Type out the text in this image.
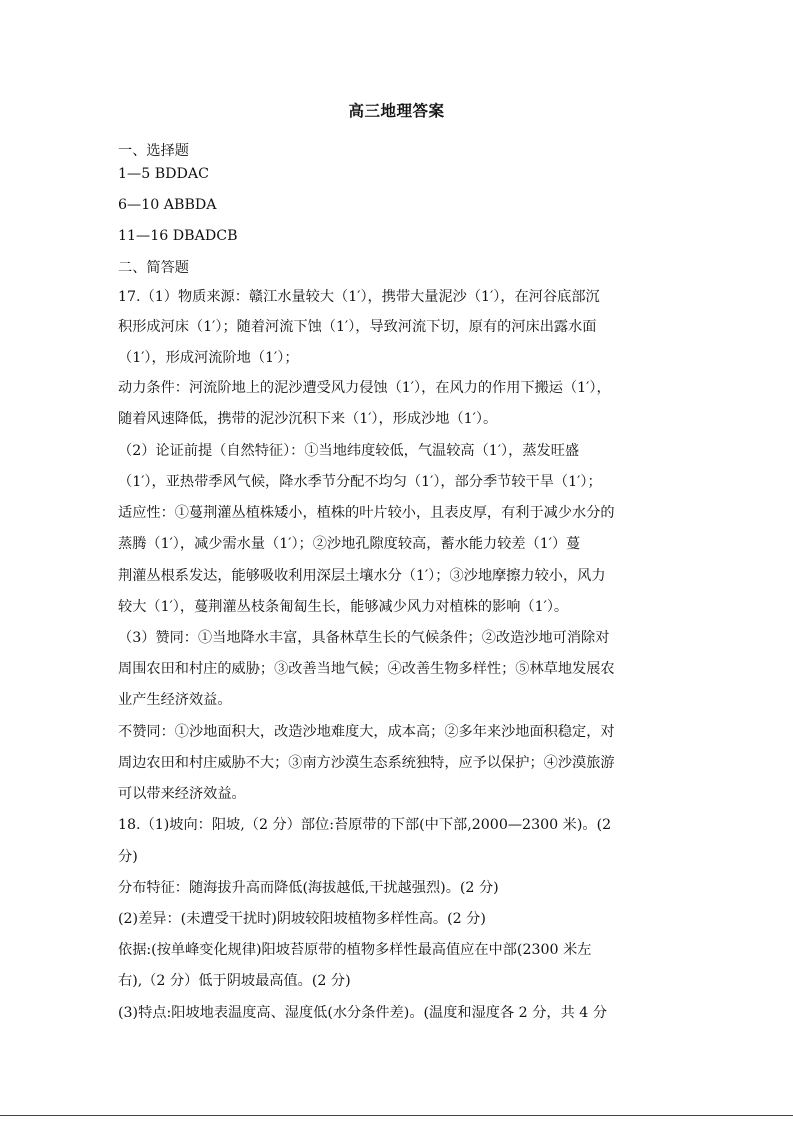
高三地理答案
一、选择题
1—5 BDDAC
6—10 ABBDA
11—16 DBADCB
二、简答题
17.（1）物质来源：赣江水量较大（1′），携带大量泥沙（1′），在河谷底部沉
积形成河床（1′）；随着河流下蚀（1′），导致河流下切，原有的河床出露水面
（1′），形成河流阶地（1′）；
动力条件：河流阶地上的泥沙遭受风力侵蚀（1′），在风力的作用下搬运（1′），
随着风速降低，携带的泥沙沉积下来（1′），形成沙地（1′）。
（2）论证前提（自然特征）：①当地纬度较低，气温较高（1′），蒸发旺盛
（1′），亚热带季风气候，降水季节分配不均匀（1′），部分季节较干旱（1′）；
适应性：①蔓荆灌丛植株矮小，植株的叶片较小，且表皮厚，有利于减少水分的
蒸腾（1′），减少需水量（1′）；②沙地孔隙度较高，蓄水能力较差（1′）蔓
荆灌丛根系发达，能够吸收利用深层土壤水分（1′）；③沙地摩擦力较小，风力
较大（1′），蔓荆灌丛枝条匍匐生长，能够减少风力对植株的影响（1′）。
（3）赞同：①当地降水丰富，具备林草生长的气候条件；②改造沙地可消除对
周围农田和村庄的威胁；③改善当地气候；④改善生物多样性；⑤林草地发展农
业产生经济效益。
不赞同：①沙地面积大，改造沙地难度大，成本高；②多年来沙地面积稳定，对
周边农田和村庄威胁不大；③南方沙漠生态系统独特，应予以保护；④沙漠旅游
可以带来经济效益。
18.（1)坡向：阳坡,（2 分）部位:苔原带的下部(中下部,2000—2300 米)。(2
分)
分布特征：随海拔升高而降低(海拔越低,干扰越强烈)。(2 分)
(2)差异：(未遭受干扰时)阴坡较阳坡植物多样性高。(2 分)
依据:(按单峰变化规律)阳坡苔原带的植物多样性最高值应在中部(2300 米左
右),（2 分）低于阴坡最高值。(2 分)
(3)特点:阳坡地表温度高、湿度低(水分条件差)。(温度和湿度各 2 分，共 4 分
